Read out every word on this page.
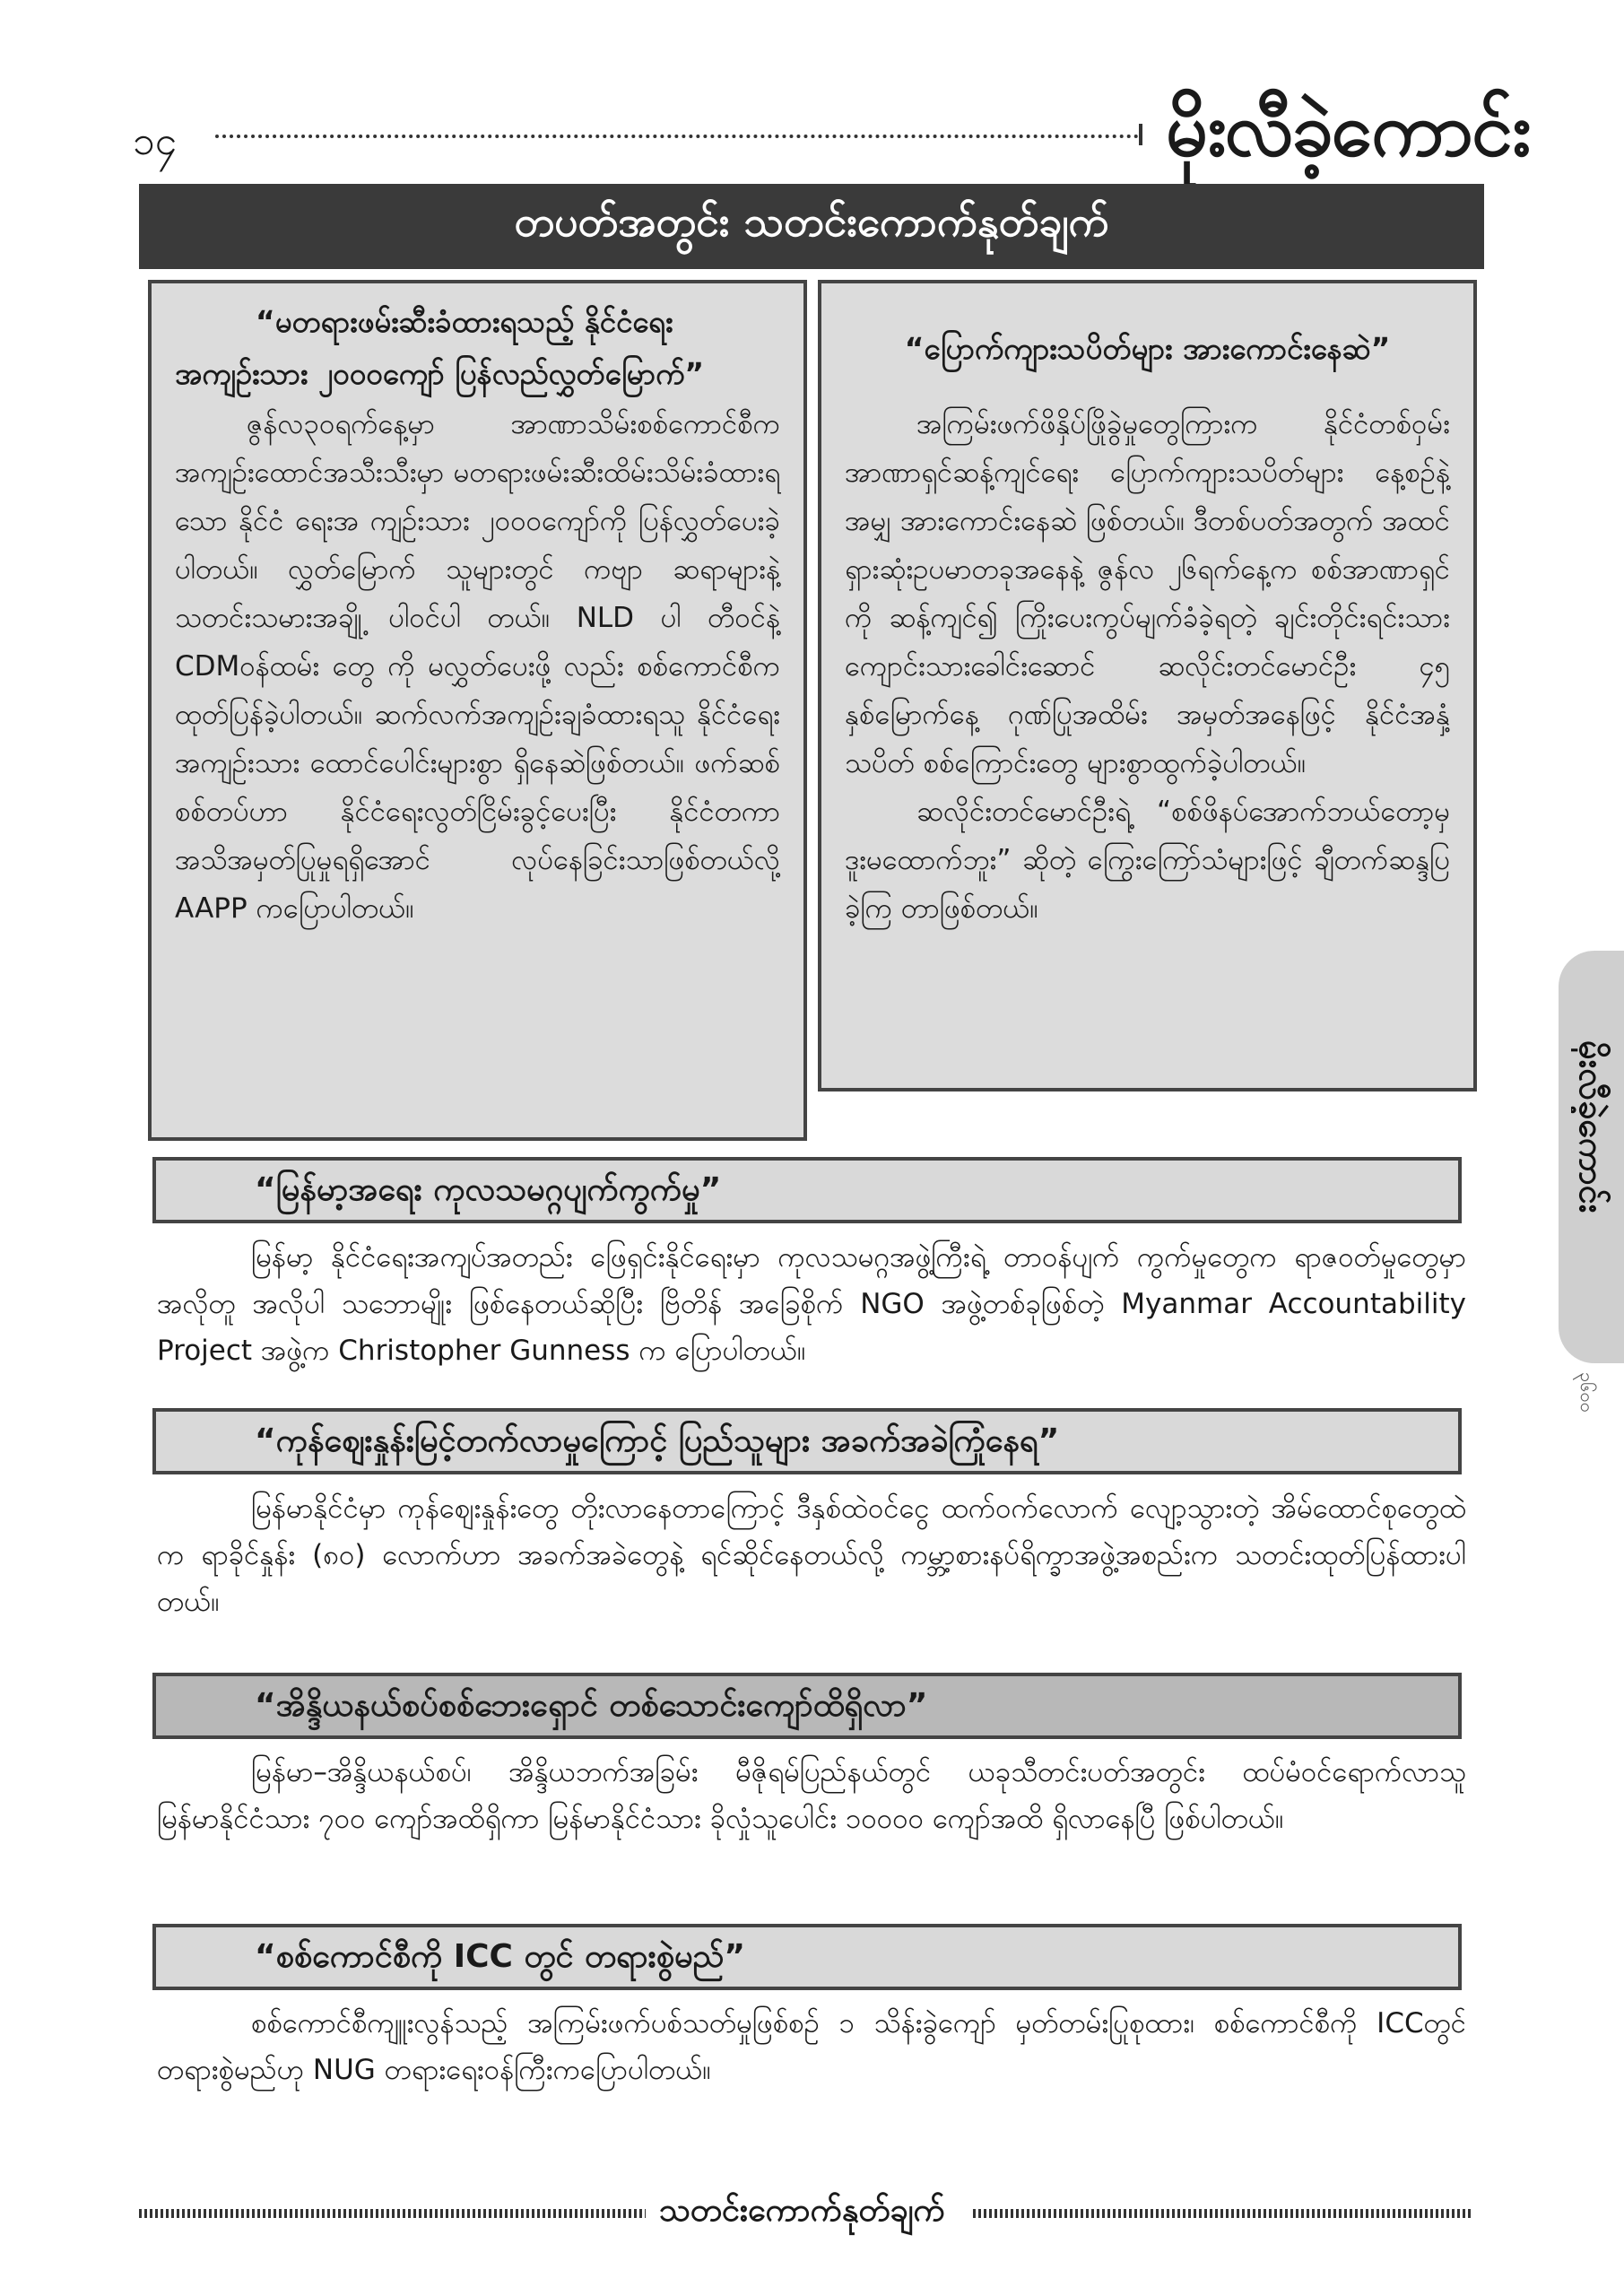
၁၄	မိုးလီခဲ့ကောင်း
တပတ်အတွင်း သတင်းကောက်နုတ်ချက်
“မတရားဖမ်းဆီးခံထားရသည့် နိုင်ငံရေးအကျဉ်းသား ၂၀၀၀ကျော် ပြန်လည်လွှတ်မြောက်”

ဇွန်လ၃၀ရက်နေ့မှာ အာဏာသိမ်းစစ်ကောင်စီက အကျဉ်းထောင်အသီးသီးမှာ မတရားဖမ်းဆီးထိမ်းသိမ်းခံထားရသော နိုင်ငံ ရေးအ ကျဉ်းသား ၂၀၀၀ကျော်ကို ပြန်လွှတ်ပေးခဲ့ ပါတယ်။ လွှတ်မြောက် သူများတွင် ကဗျာ ဆရာများနဲ့ သတင်းသမားအချို့ ပါဝင်ပါ တယ်။ NLD ပါ တီဝင်နဲ့ CDMဝန်ထမ်း တွေ ကို မလွှတ်ပေးဖို့ လည်း စစ်ကောင်စီကထုတ်ပြန်ခဲ့ပါတယ်။ ဆက်လက်အကျဉ်းချခံထားရသူ နိုင်ငံရေးအကျဉ်းသား ထောင်ပေါင်းများစွာ ရှိနေဆဲဖြစ်တယ်။ ဖက်ဆစ်စစ်တပ်ဟာ နိုင်ငံရေးလွတ်ငြိမ်းခွင့်ပေးပြီး နိုင်ငံတကာ အသိအမှတ်ပြုမှုရရှိအောင် လုပ်နေခြင်းသာဖြစ်တယ်လို့ AAPP ကပြောပါတယ်။

“ပြောက်ကျားသပိတ်များ အားကောင်းနေဆဲ”

အကြမ်းဖက်ဖိနှိပ်ဖြိုခွဲမှုတွေကြားက နိုင်ငံတစ်ဝှမ်း အာဏာရှင်ဆန့်ကျင်ရေး ပြောက်ကျားသပိတ်များ နေ့စဉ်နဲ့အမျှ အားကောင်းနေဆဲ ဖြစ်တယ်။ ဒီတစ်ပတ်အတွက် အထင်ရှားဆုံးဥပမာတခုအနေနဲ့ ဇွန်လ ၂၆ရက်နေ့က စစ်အာဏာရှင်ကို ဆန့်ကျင်၍ ကြိုးပေးကွပ်မျက်ခံခဲ့ရတဲ့ ချင်းတိုင်းရင်းသား ကျောင်းသားခေါင်းဆောင် ဆလိုင်းတင်မောင်ဦး ၄၅ နှစ်မြောက်နေ့ ဂုဏ်ပြုအထိမ်း အမှတ်အနေဖြင့် နိုင်ငံအနှံ့ သပိတ် စစ်ကြောင်းတွေ များစွာထွက်ခဲ့ပါတယ်။

ဆလိုင်းတင်မောင်ဦးရဲ့ “စစ်ဖိနပ်အောက်ဘယ်တော့မှ ဒူးမထောက်ဘူး” ဆိုတဲ့ ကြွေးကြော်သံများဖြင့် ချီတက်ဆန္ဒပြခဲ့ကြ တာဖြစ်တယ်။

“မြန်မာ့အရေး ကုလသမဂ္ဂပျက်ကွက်မှု”

မြန်မာ့ နိုင်ငံရေးအကျပ်အတည်း ဖြေရှင်းနိုင်ရေးမှာ ကုလသမဂ္ဂအဖွဲ့ကြီးရဲ့ တာဝန်ပျက် ကွက်မှုတွေက ရာဇဝတ်မှုတွေမှာ အလိုတူ အလိုပါ သဘောမျိုး ဖြစ်နေတယ်ဆိုပြီး ဗြိတိန် အခြေစိုက် NGO အဖွဲ့တစ်ခုဖြစ်တဲ့ Myanmar Accountability Project အဖွဲ့က Christopher Gunness က ပြောပါတယ်။

“ကုန်ဈေးနှုန်းမြင့်တက်လာမှုကြောင့် ပြည်သူများ အခက်အခဲကြုံနေရ”

မြန်မာနိုင်ငံမှာ ကုန်ဈေးနှုန်းတွေ တိုးလာနေတာကြောင့် ဒီနှစ်ထဲဝင်ငွေ ထက်ဝက်လောက် လျော့သွားတဲ့ အိမ်ထောင်စုတွေထဲက ရာခိုင်နှုန်း (၈၀) လောက်ဟာ အခက်အခဲတွေနဲ့ ရင်ဆိုင်နေတယ်လို့ ကမ္ဘာ့စားနပ်ရိက္ခာအဖွဲ့အစည်းက သတင်းထုတ်ပြန်ထားပါတယ်။

“အိန္ဒိယနယ်စပ်စစ်ဘေးရှောင် တစ်သောင်းကျော်ထိရှိလာ”

မြန်မာ–အိန္ဒိယနယ်စပ်၊ အိန္ဒိယဘက်အခြမ်း မီဇိုရမ်ပြည်နယ်တွင် ယခုသီတင်းပတ်အတွင်း ထပ်မံဝင်ရောက်လာသူ မြန်မာနိုင်ငံသား ၇၀၀ ကျော်အထိရှိကာ မြန်မာနိုင်ငံသား ခိုလှုံသူပေါင်း ၁၀၀၀၀ ကျော်အထိ ရှိလာနေပြီ ဖြစ်ပါတယ်။

“စစ်ကောင်စီကို ICC တွင် တရားစွဲမည်”

စစ်ကောင်စီကျူးလွန်သည့် အကြမ်းဖက်ပစ်သတ်မှုဖြစ်စဉ် ၁ သိန်းခွဲကျော် မှတ်တမ်းပြုစုထား၊ စစ်ကောင်စီကို ICCတွင် တရားစွဲမည်ဟု NUG တရားရေးဝန်ကြီးကပြောပါတယ်။

သတင်းကောက်နုတ်ချက်
မိုးလီခဲ့ကောင်း
၃၆၀၀
